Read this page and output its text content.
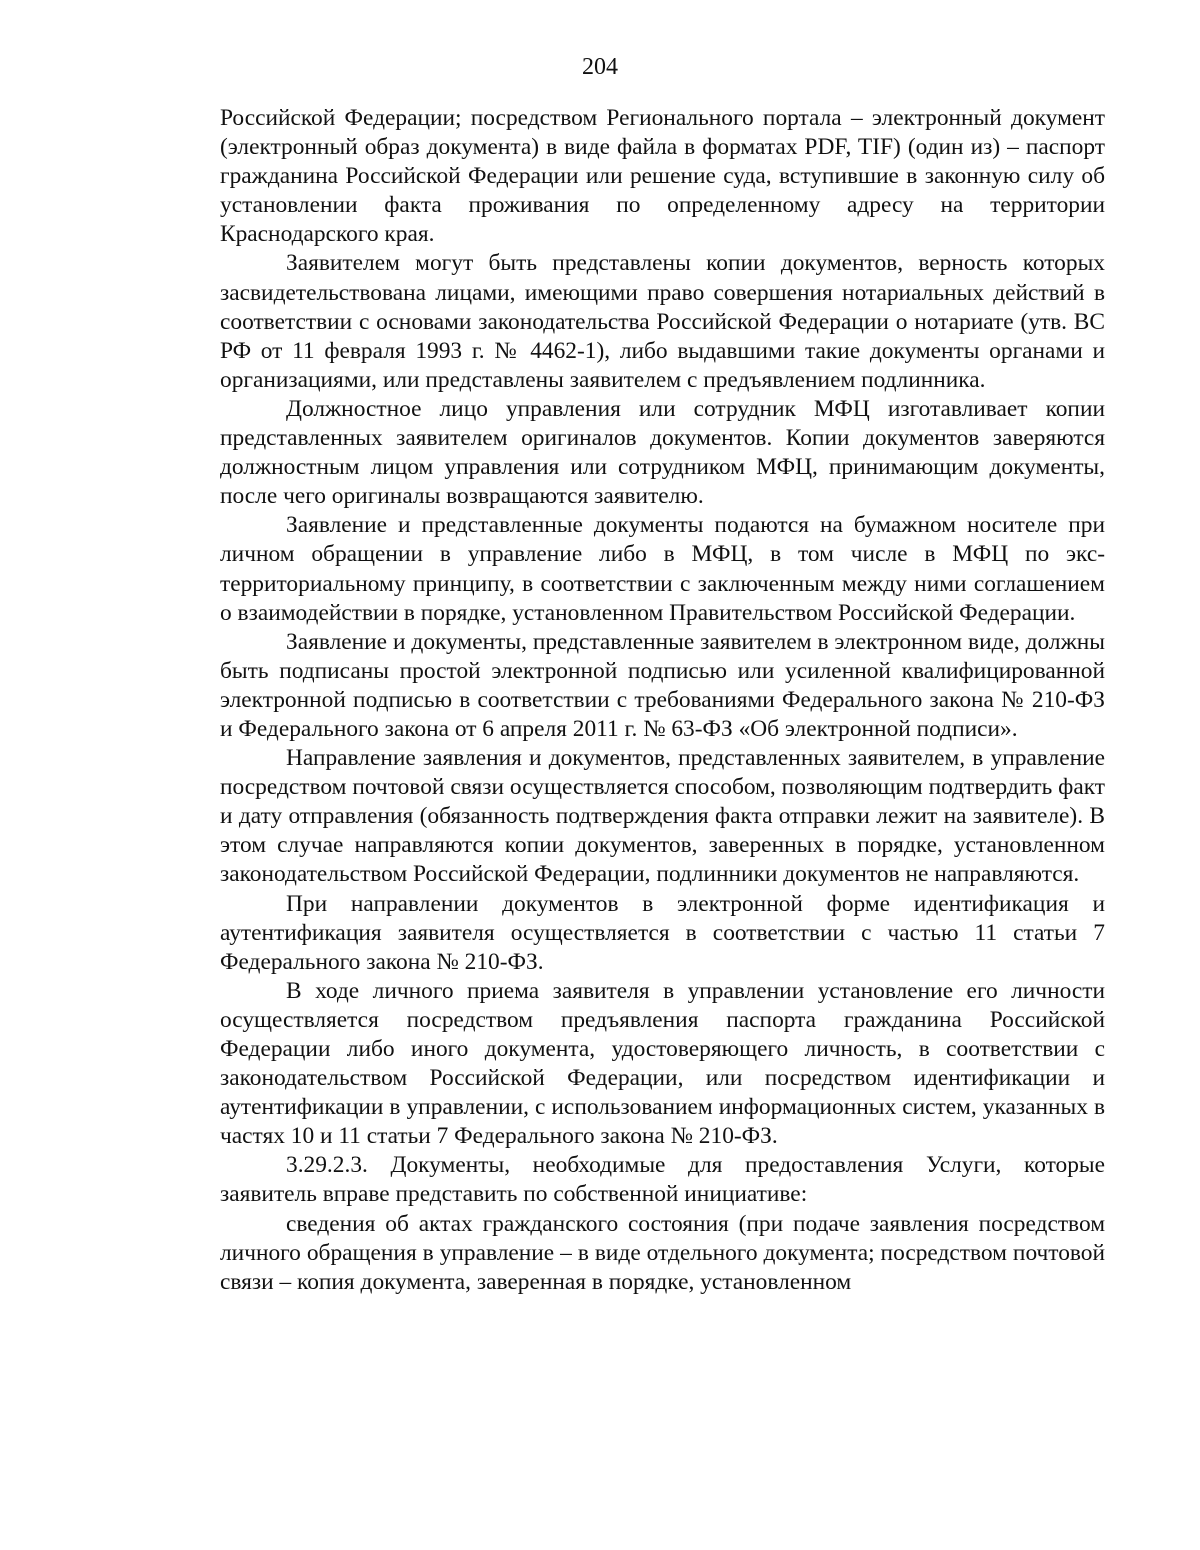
204

Российской Федерации; посредством Регионального портала – электронный документ (электронный образ документа) в виде файла в форматах PDF, TIF) (один из) – паспорт гражданина Российской Федерации или решение суда, вступившие в законную силу об установлении факта проживания по определенному адресу на территории Краснодарского края.

Заявителем могут быть представлены копии документов, верность которых засвидетельствована лицами, имеющими право совершения нотариальных действий в соответствии с основами законодательства Российской Федерации о нотариате (утв. ВС РФ от 11 февраля 1993 г. № 4462-1), либо выдавшими такие документы органами и организациями, или представлены заявителем с предъявлением подлинника.

Должностное лицо управления или сотрудник МФЦ изготавливает копии представленных заявителем оригиналов документов. Копии документов заверяются должностным лицом управления или сотрудником МФЦ, принимающим документы, после чего оригиналы возвращаются заявителю.

Заявление и представленные документы подаются на бумажном носителе при личном обращении в управление либо в МФЦ, в том числе в МФЦ по экстерриториальному принципу, в соответствии с заключенным между ними соглашением о взаимодействии в порядке, установленном Правительством Российской Федерации.

Заявление и документы, представленные заявителем в электронном виде, должны быть подписаны простой электронной подписью или усиленной квалифицированной электронной подписью в соответствии с требованиями Федерального закона № 210-ФЗ и Федерального закона от 6 апреля 2011 г. № 63-ФЗ «Об электронной подписи».

Направление заявления и документов, представленных заявителем, в управление посредством почтовой связи осуществляется способом, позволяющим подтвердить факт и дату отправления (обязанность подтверждения факта отправки лежит на заявителе). В этом случае направляются копии документов, заверенных в порядке, установленном законодательством Российской Федерации, подлинники документов не направляются.

При направлении документов в электронной форме идентификация и аутентификация заявителя осуществляется в соответствии с частью 11 статьи 7 Федерального закона № 210-ФЗ.

В ходе личного приема заявителя в управлении установление его личности осуществляется посредством предъявления паспорта гражданина Российской Федерации либо иного документа, удостоверяющего личность, в соответствии с законодательством Российской Федерации, или посредством идентификации и аутентификации в управлении, с использованием информационных систем, указанных в частях 10 и 11 статьи 7 Федерального закона № 210-ФЗ.

3.29.2.3. Документы, необходимые для предоставления Услуги, которые заявитель вправе представить по собственной инициативе:

сведения об актах гражданского состояния (при подаче заявления посредством личного обращения в управление – в виде отдельного документа; посредством почтовой связи – копия документа, заверенная в порядке, установленном
